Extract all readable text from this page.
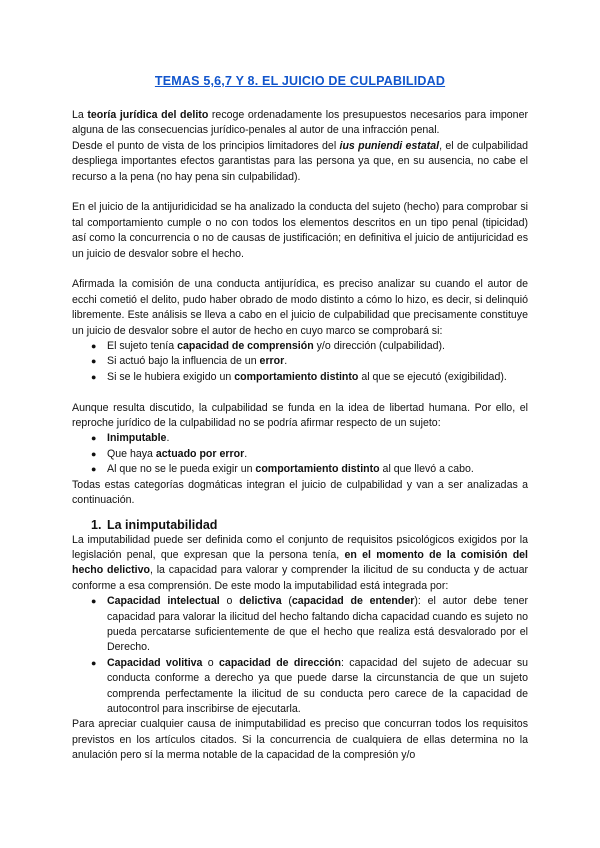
TEMAS 5,6,7 Y 8. EL JUICIO DE CULPABILIDAD

La teoría jurídica del delito recoge ordenadamente los presupuestos necesarios para imponer alguna de las consecuencias jurídico-penales al autor de una infracción penal.

Desde el punto de vista de los principios limitadores del ius puniendi estatal, el de culpabilidad despliega importantes efectos garantistas para las persona ya que, en su ausencia, no cabe el recurso a la pena (no hay pena sin culpabilidad).

En el juicio de la antijuridicidad se ha analizado la conducta del sujeto (hecho) para comprobar si tal comportamiento cumple o no con todos los elementos descritos en un tipo penal (tipicidad) así como la concurrencia o no de causas de justificación; en definitiva el juicio de antijuricidad es un juicio de desvalor sobre el hecho.

Afirmada la comisión de una conducta antijurídica, es preciso analizar su cuando el autor de ecchi cometió el delito, pudo haber obrado de modo distinto a cómo lo hizo, es decir, si delinquió libremente. Este análisis se lleva a cabo en el juicio de culpabilidad que precisamente constituye un juicio de desvalor sobre el autor de hecho en cuyo marco se comprobará si:

● El sujeto tenía capacidad de comprensión y/o dirección (culpabilidad).
● Si actuó bajo la influencia de un error.
● Si se le hubiera exigido un comportamiento distinto al que se ejecutó (exigibilidad).

Aunque resulta discutido, la culpabilidad se funda en la idea de libertad humana. Por ello, el reproche jurídico de la culpabilidad no se podría afirmar respecto de un sujeto:

● Inimputable.
● Que haya actuado por error.
● Al que no se le pueda exigir un comportamiento distinto al que llevó a cabo.

Todas estas categorías dogmáticas integran el juicio de culpabilidad y van a ser analizadas a continuación.

1. La inimputabilidad

La imputabilidad puede ser definida como el conjunto de requisitos psicológicos exigidos por la legislación penal, que expresan que la persona tenía, en el momento de la comisión del hecho delictivo, la capacidad para valorar y comprender la ilicitud de su conducta y de actuar conforme a esa comprensión. De este modo la imputabilidad está integrada por:

● Capacidad intelectual o delictiva (capacidad de entender): el autor debe tener capacidad para valorar la ilicitud del hecho faltando dicha capacidad cuando es sujeto no pueda percatarse suficientemente de que el hecho que realiza está desvalorado por el Derecho.
● Capacidad volitiva o capacidad de dirección: capacidad del sujeto de adecuar su conducta conforme a derecho ya que puede darse la circunstancia de que un sujeto comprenda perfectamente la ilicitud de su conducta pero carece de la capacidad de autocontrol para inscribirse de ejecutarla.

Para apreciar cualquier causa de inimputabilidad es preciso que concurran todos los requisitos previstos en los artículos citados. Si la concurrencia de cualquiera de ellas determina no la anulación pero sí la merma notable de la capacidad de la compresión y/o
